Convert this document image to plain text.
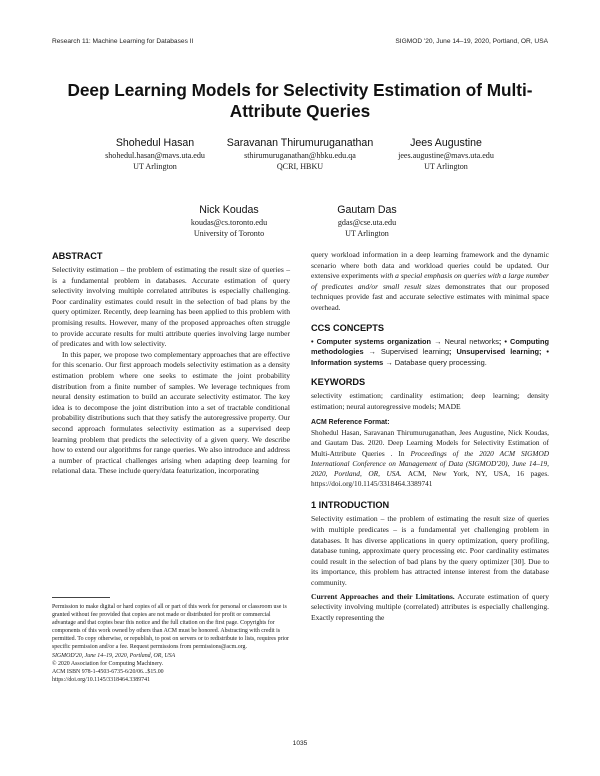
Research 11: Machine Learning for Databases II	SIGMOD '20, June 14–19, 2020, Portland, OR, USA
Deep Learning Models for Selectivity Estimation of Multi-Attribute Queries
Shohedul Hasan
shohedul.hasan@mavs.uta.edu
UT Arlington
Saravanan Thirumuruganathan
sthirumuruganathan@hbku.edu.qa
QCRI, HBKU
Jees Augustine
jees.augustine@mavs.uta.edu
UT Arlington
Nick Koudas
koudas@cs.toronto.edu
University of Toronto
Gautam Das
gdas@cse.uta.edu
UT Arlington

ABSTRACT

Selectivity estimation – the problem of estimating the result size of queries – is a fundamental problem in databases. Accurate estimation of query selectivity involving multiple correlated attributes is especially challenging. Poor cardinality estimates could result in the selection of bad plans by the query optimizer. Recently, deep learning has been applied to this problem with promising results. However, many of the proposed approaches often struggle to provide accurate results for multi attribute queries involving large number of predicates and with low selectivity.

In this paper, we propose two complementary approaches that are effective for this scenario. Our first approach models selectivity estimation as a density estimation problem where one seeks to estimate the joint probability distribution from a finite number of samples. We leverage techniques from neural density estimation to build an accurate selectivity estimator. The key idea is to decompose the joint distribution into a set of tractable conditional probability distributions such that they satisfy the autoregressive property. Our second approach formulates selectivity estimation as a supervised deep learning problem that predicts the selectivity of a given query. We describe how to extend our algorithms for range queries. We also introduce and address a number of practical challenges arising when adapting deep learning for relational data. These include query/data featurization, incorporating

query workload information in a deep learning framework and the dynamic scenario where both data and workload queries could be updated. Our extensive experiments with a special emphasis on queries with a large number of predicates and/or small result sizes demonstrates that our proposed techniques provide fast and accurate selective estimates with minimal space overhead.

CCS CONCEPTS

• Computer systems organization → Neural networks; • Computing methodologies → Supervised learning; Unsupervised learning; • Information systems → Database query processing.

KEYWORDS

selectivity estimation; cardinality estimation; deep learning; density estimation; neural autoregressive models; MADE

ACM Reference Format:

Shohedul Hasan, Saravanan Thirumuruganathan, Jees Augustine, Nick Koudas, and Gautam Das. 2020. Deep Learning Models for Selectivity Estimation of Multi-Attribute Queries . In Proceedings of the 2020 ACM SIGMOD International Conference on Management of Data (SIGMOD'20), June 14–19, 2020, Portland, OR, USA. ACM, New York, NY, USA, 16 pages. https://doi.org/10.1145/3318464.3389741

1 INTRODUCTION

Selectivity estimation – the problem of estimating the result size of queries with multiple predicates – is a fundamental yet challenging problem in databases. It has diverse applications in query optimization, query profiling, database tuning, approximate query processing etc. Poor cardinality estimates could result in the selection of bad plans by the query optimizer [30]. Due to its importance, this problem has attracted intense interest from the database community.

Current Approaches and their Limitations. Accurate estimation of query selectivity involving multiple (correlated) attributes is especially challenging. Exactly representing the

Permission to make digital or hard copies of all or part of this work for personal or classroom use is granted without fee provided that copies are not made or distributed for profit or commercial advantage and that copies bear this notice and the full citation on the first page. Copyrights for components of this work owned by others than ACM must be honored. Abstracting with credit is permitted. To copy otherwise, or republish, to post on servers or to redistribute to lists, requires prior specific permission and/or a fee. Request permissions from permissions@acm.org.
SIGMOD'20, June 14–19, 2020, Portland, OR, USA
© 2020 Association for Computing Machinery.
ACM ISBN 978-1-4503-6735-6/20/06...$15.00
https://doi.org/10.1145/3318464.3389741
1035
